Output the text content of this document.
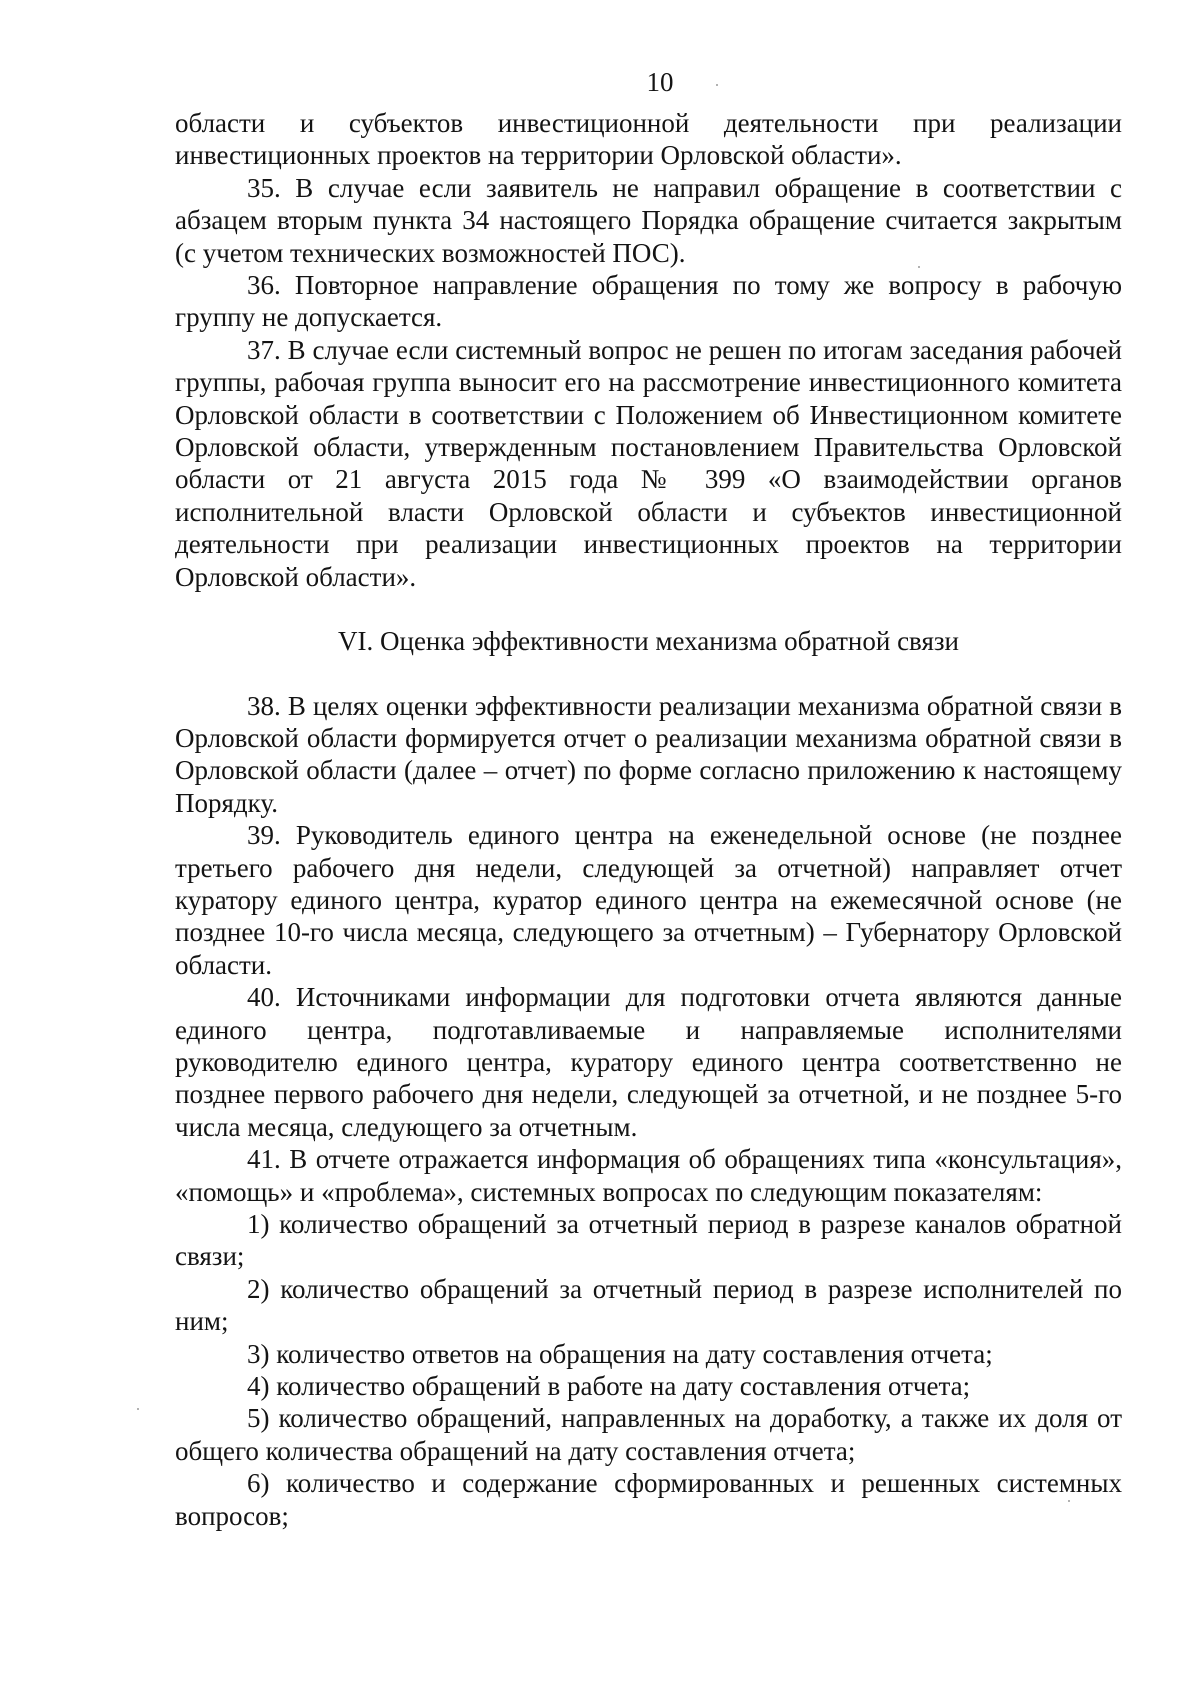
10

области и субъектов инвестиционной деятельности при реализации инвестиционных проектов на территории Орловской области».

35. В случае если заявитель не направил обращение в соответствии с абзацем вторым пункта 34 настоящего Порядка обращение считается закрытым (с учетом технических возможностей ПОС).

36. Повторное направление обращения по тому же вопросу в рабочую группу не допускается.

37. В случае если системный вопрос не решен по итогам заседания рабочей группы, рабочая группа выносит его на рассмотрение инвестиционного комитета Орловской области в соответствии с Положением об Инвестиционном комитете Орловской области, утвержденным постановлением Правительства Орловской области от 21 августа 2015 года № 399 «О взаимодействии органов исполнительной власти Орловской области и субъектов инвестиционной деятельности при реализации инвестиционных проектов на территории Орловской области».

VI. Оценка эффективности механизма обратной связи

38. В целях оценки эффективности реализации механизма обратной связи в Орловской области формируется отчет о реализации механизма обратной связи в Орловской области (далее – отчет) по форме согласно приложению к настоящему Порядку.

39. Руководитель единого центра на еженедельной основе (не позднее третьего рабочего дня недели, следующей за отчетной) направляет отчет куратору единого центра, куратор единого центра на ежемесячной основе (не позднее 10-го числа месяца, следующего за отчетным) – Губернатору Орловской области.

40. Источниками информации для подготовки отчета являются данные единого центра, подготавливаемые и направляемые исполнителями руководителю единого центра, куратору единого центра соответственно не позднее первого рабочего дня недели, следующей за отчетной, и не позднее 5-го числа месяца, следующего за отчетным.

41. В отчете отражается информация об обращениях типа «консультация», «помощь» и «проблема», системных вопросах по следующим показателям:

1) количество обращений за отчетный период в разрезе каналов обратной связи;

2) количество обращений за отчетный период в разрезе исполнителей по ним;

3) количество ответов на обращения на дату составления отчета;

4) количество обращений в работе на дату составления отчета;

5) количество обращений, направленных на доработку, а также их доля от общего количества обращений на дату составления отчета;

6) количество и содержание сформированных и решенных системных вопросов;
